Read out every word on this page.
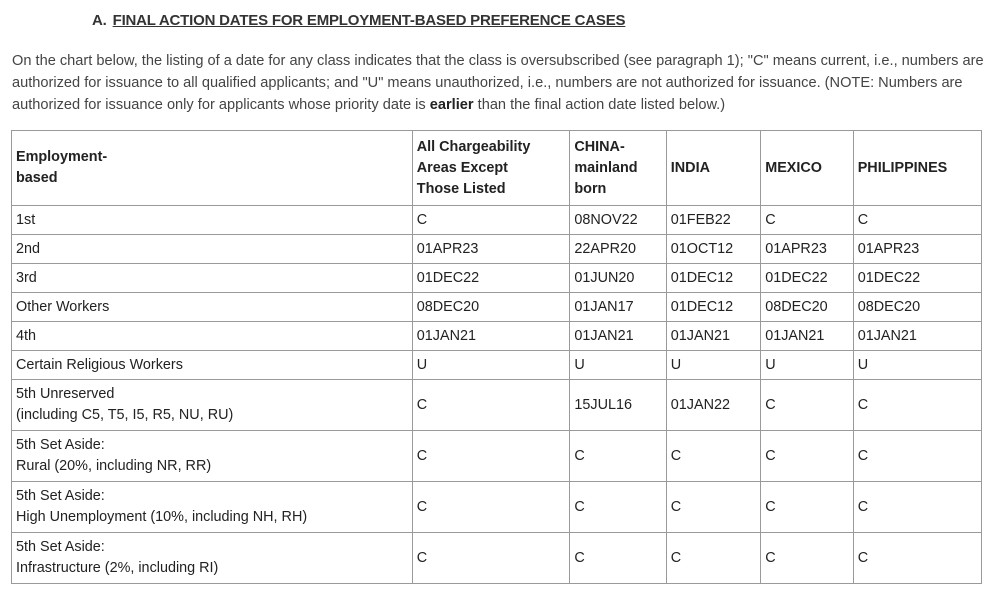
A. FINAL ACTION DATES FOR EMPLOYMENT-BASED PREFERENCE CASES
On the chart below, the listing of a date for any class indicates that the class is oversubscribed (see paragraph 1); "C" means current, i.e., numbers are authorized for issuance to all qualified applicants; and "U" means unauthorized, i.e., numbers are not authorized for issuance. (NOTE: Numbers are authorized for issuance only for applicants whose priority date is earlier than the final action date listed below.)
Employment-
based	All Chargeability
Areas Except
Those Listed	CHINA-
mainland
born	INDIA	MEXICO	PHILIPPINES

1st	C	08NOV22	01FEB22	C	C

2nd	01APR23	22APR20	01OCT12	01APR23	01APR23

3rd	01DEC22	01JUN20	01DEC12	01DEC22	01DEC22

Other Workers	08DEC20	01JAN17	01DEC12	08DEC20	08DEC20

4th	01JAN21	01JAN21	01JAN21	01JAN21	01JAN21

Certain Religious Workers	U	U	U	U	U

5th Unreserved
(including C5, T5, I5, R5, NU, RU)	C	15JUL16	01JAN22	C	C

5th Set Aside:
Rural (20%, including NR, RR)	C	C	C	C	C

5th Set Aside:
High Unemployment (10%, including NH, RH)	C	C	C	C	C

5th Set Aside:
Infrastructure (2%, including RI)	C	C	C	C	C
